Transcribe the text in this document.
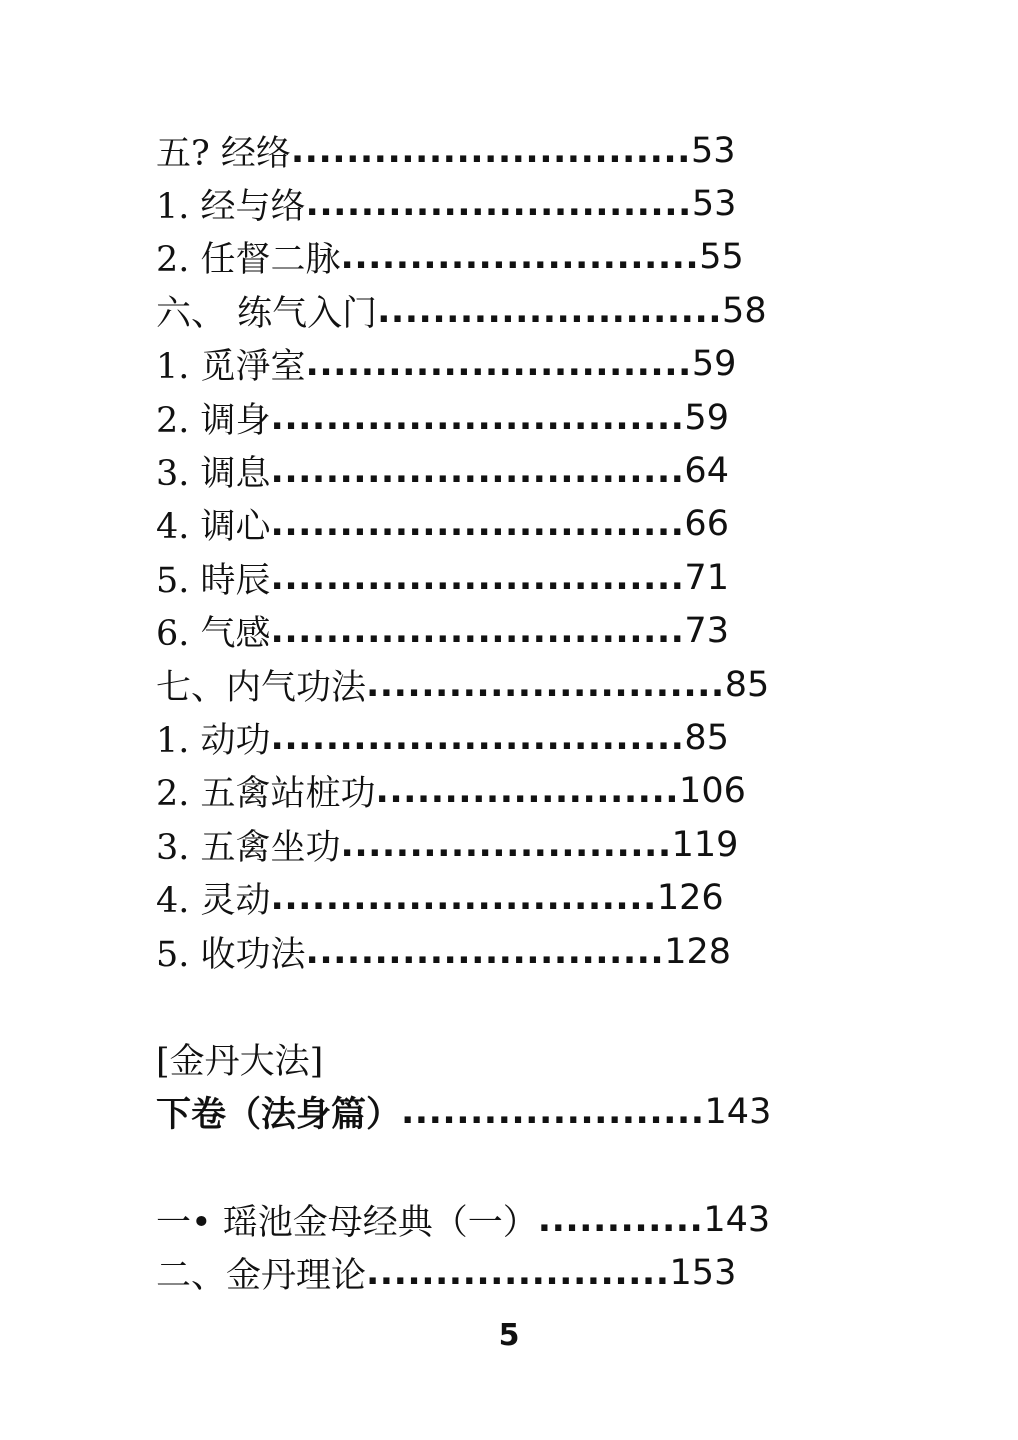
五? 经络 ............................. 53
1. 经与络 ............................ 53
2. 任督二脉 .......................... 55
六、 练气入门 ......................... 58
1. 觅淨室 ............................ 59
2. 调身 .............................. 59
3. 调息 .............................. 64
4. 调心 .............................. 66
5. 時辰 .............................. 71
6. 气感 .............................. 73
七、内气功法 .......................... 85
1. 动功 .............................. 85
2. 五禽站桩功 ...................... 106
3. 五禽坐功 ........................ 119
4. 灵动 ............................ 126
5. 收功法 .......................... 128
[金丹大法]
下卷（法身篇） ...................... 143
一• 瑶池金母经典（一） ............ 143
二、金丹理论 ...................... 153
5
